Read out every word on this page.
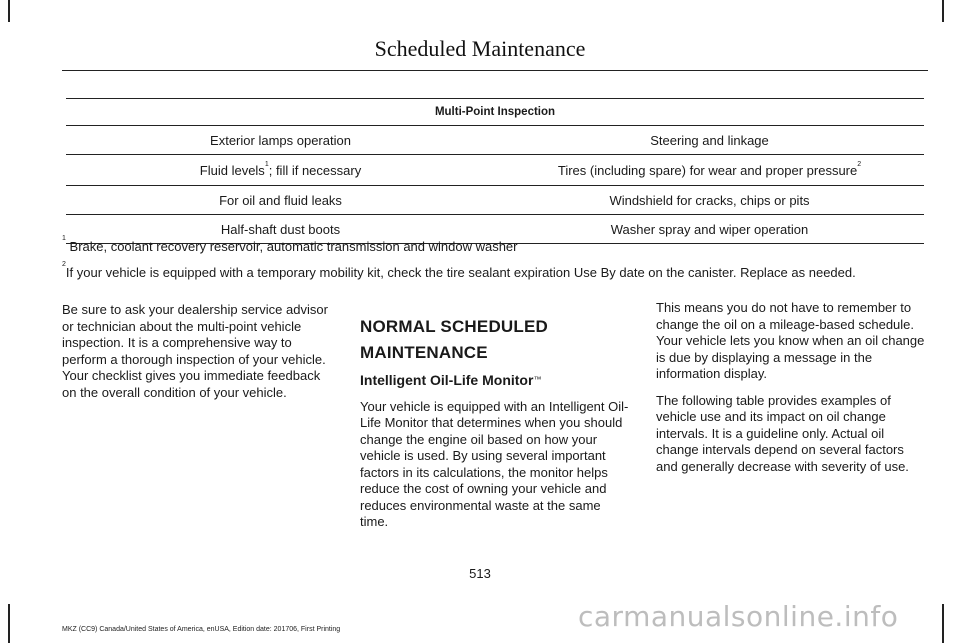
Scheduled Maintenance
Multi-Point Inspection	
Exterior lamps operation	Steering and linkage
Fluid levels$^1$; fill if necessary	Tires (including spare) for wear and proper pressure$^2$
For oil and fluid leaks	Windshield for cracks, chips or pits
Half-shaft dust boots	Washer spray and wiper operation
$^1$ Brake, coolant recovery reservoir, automatic transmission and window washer
$^2$If your vehicle is equipped with a temporary mobility kit, check the tire sealant expiration Use By date on the canister. Replace as needed.

Be sure to ask your dealership service advisor or technician about the multi-point vehicle inspection. It is a comprehensive way to perform a thorough inspection of your vehicle. Your checklist gives you immediate feedback on the overall condition of your vehicle.

NORMAL SCHEDULED
MAINTENANCE
Intelligent Oil-Life Monitor™

Your vehicle is equipped with an Intelligent Oil-Life Monitor that determines when you should change the engine oil based on how your vehicle is used. By using several important factors in its calculations, the monitor helps reduce the cost of owning your vehicle and reduces environmental waste at the same time.

This means you do not have to remember to change the oil on a mileage-based schedule. Your vehicle lets you know when an oil change is due by displaying a message in the information display.

The following table provides examples of vehicle use and its impact on oil change intervals. It is a guideline only. Actual oil change intervals depend on several factors and generally decrease with severity of use.

513
MKZ (CC9) Canada/United States of America, enUSA, Edition date: 201706, First Printing	carmanualsonline.info
